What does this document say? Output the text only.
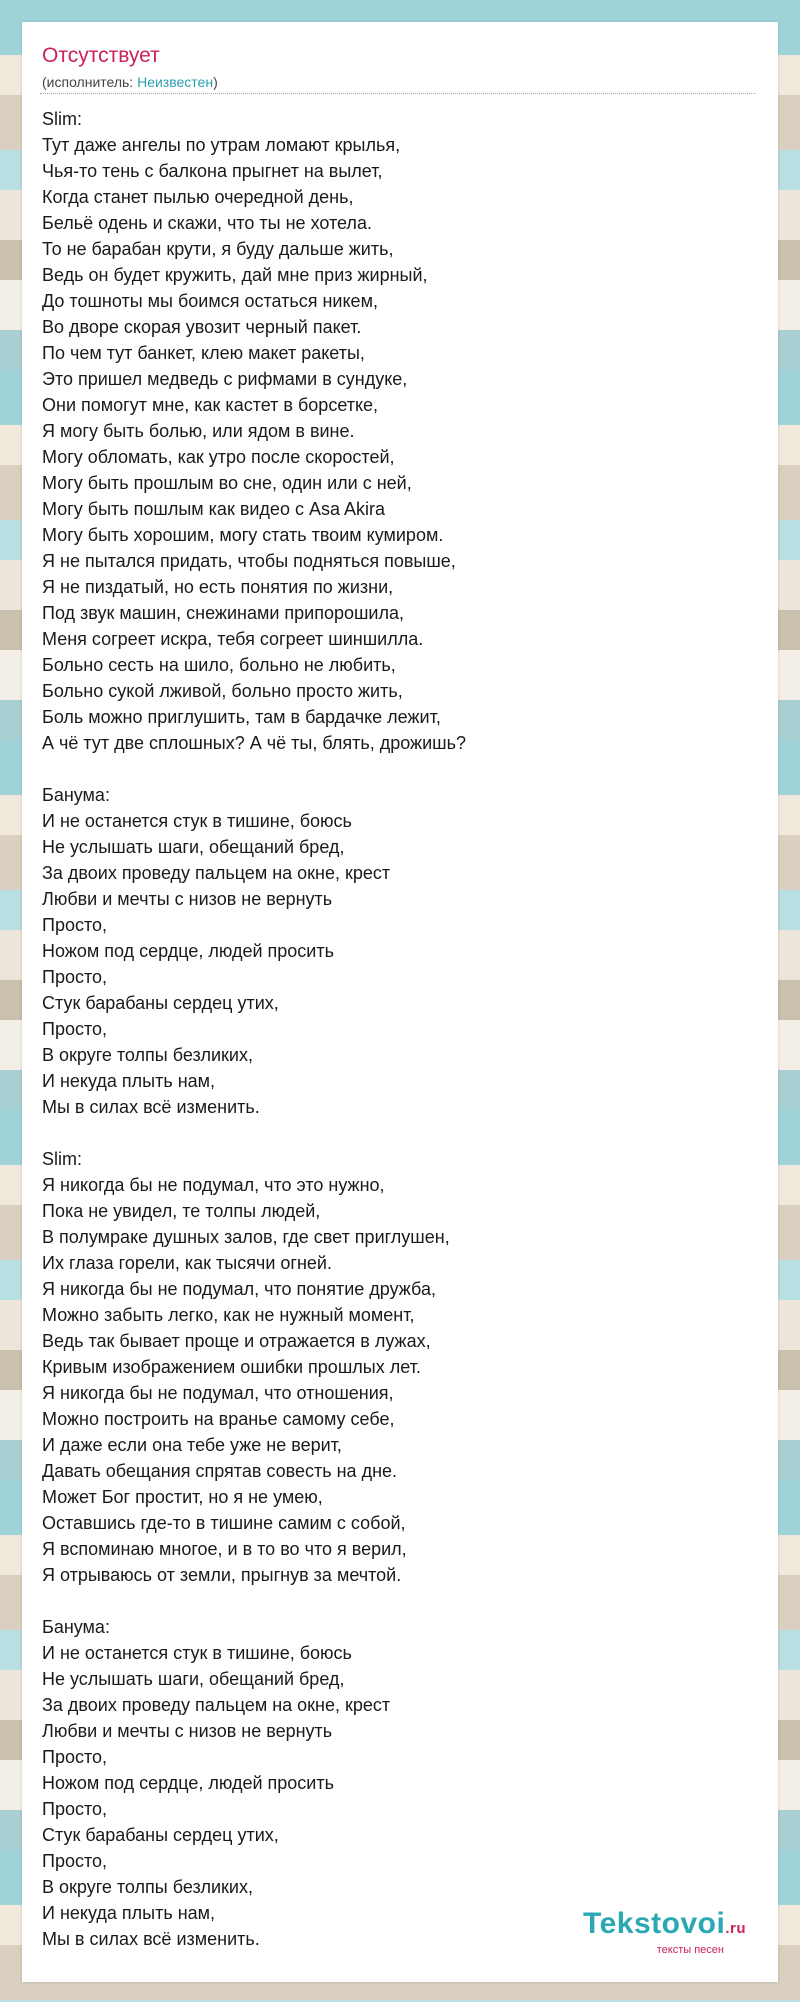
Отсутствует
(исполнитель: Неизвестен)
Slim:
Тут даже ангелы по утрам ломают крылья,
Чья-то тень с балкона прыгнет на вылет,
Когда станет пылью очередной день,
Бельё одень и скажи, что ты не хотела.
То не барабан крути, я буду дальше жить,
Ведь он будет кружить, дай мне приз жирный,
До тошноты мы боимся остаться никем,
Во дворе скорая увозит черный пакет.
По чем тут банкет, клею макет ракеты,
Это пришел медведь с рифмами в сундуке,
Они помогут мне, как кастет в борсетке,
Я могу быть болью, или ядом в вине.
Могу обломать, как утро после скоростей,
Могу быть прошлым во сне, один или с ней,
Могу быть пошлым как видео с Asa Akira
Могу быть хорошим, могу стать твоим кумиром.
Я не пытался придать, чтобы подняться повыше,
Я не пиздатый, но есть понятия по жизни,
Под звук машин, снежинами припорошила,
Меня согреет искра, тебя согреет шиншилла.
Больно сесть на шило, больно не любить,
Больно сукой лживой, больно просто жить,
Боль можно приглушить, там в бардачке лежит,
А чё тут две сплошных? А чё ты, блять, дрожишь?
Банума:
И не останется стук в тишине, боюсь
Не услышать шаги, обещаний бред,
За двоих проведу пальцем на окне, крест
Любви и мечты с низов не вернуть
Просто,
Ножом под сердце, людей просить
Просто,
Стук барабаны сердец утих,
Просто,
В округе толпы безликих,
И некуда плыть нам,
Мы в силах всё изменить.
Slim:
Я никогда бы не подумал, что это нужно,
Пока не увидел, те толпы людей,
В полумраке душных залов, где свет приглушен,
Их глаза горели, как тысячи огней.
Я никогда бы не подумал, что понятие дружба,
Можно забыть легко, как не нужный момент,
Ведь так бывает проще и отражается в лужах,
Кривым изображением ошибки прошлых лет.
Я никогда бы не подумал, что отношения,
Можно построить на вранье самому себе,
И даже если она тебе уже не верит,
Давать обещания спрятав совесть на дне.
Может Бог простит, но я не умею,
Оставшись где-то в тишине самим с собой,
Я вспоминаю многое, и в то во что я верил,
Я отрываюсь от земли, прыгнув за мечтой.
Банума:
И не останется стук в тишине, боюсь
Не услышать шаги, обещаний бред,
За двоих проведу пальцем на окне, крест
Любви и мечты с низов не вернуть
Просто,
Ножом под сердце, людей просить
Просто,
Стук барабаны сердец утих,
Просто,
В округе толпы безликих,
И некуда плыть нам,
Мы в силах всё изменить.	Tekstovoi.ru
тексты песен
